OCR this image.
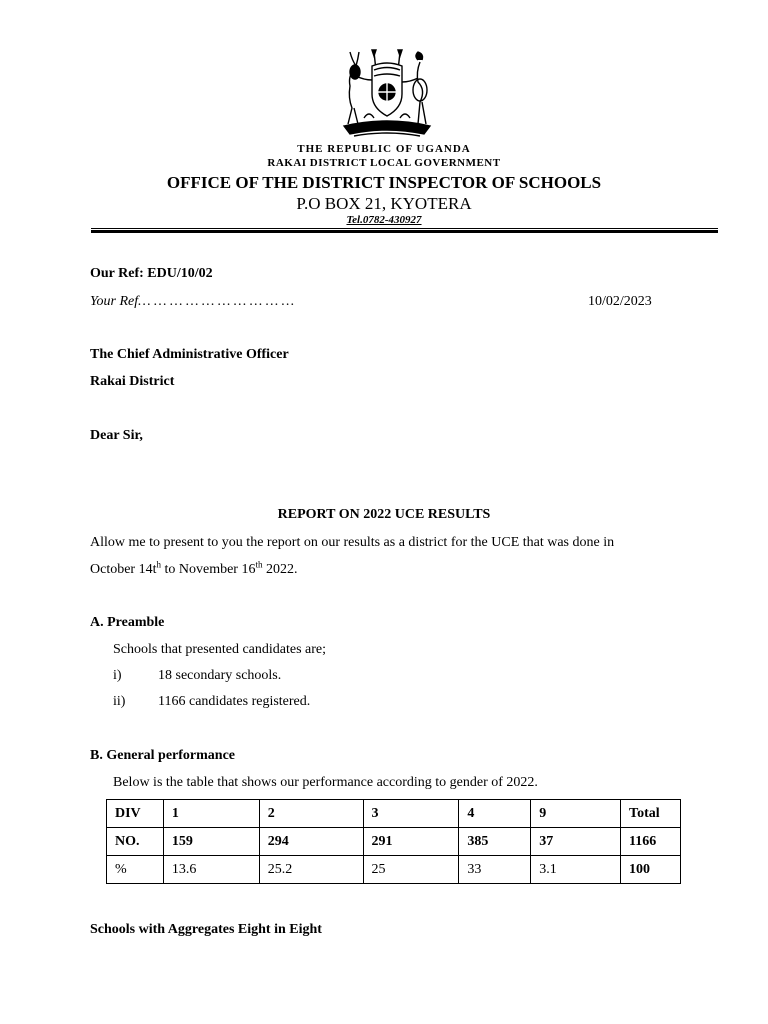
THE REPUBLIC OF UGANDA
RAKAI DISTRICT LOCAL GOVERNMENT
OFFICE OF THE DISTRICT INSPECTOR OF SCHOOLS
P.O BOX 21, KYOTERA
Tel.0782-430927
Our Ref: EDU/10/02
Your Ref… … … … … … … … … …	10/02/2023
The Chief Administrative Officer
Rakai District
Dear Sir,
REPORT ON 2022 UCE RESULTS
Allow me to present to you the report on our results as a district for the UCE that was done in
October $14t^h$ to November 16th 2022.
A. Preamble
Schools that presented candidates are;
i)	18 secondary schools.
ii) 1166 candidates registered.
B. General performance
Below is the table that shows our performance according to gender of 2022.
DIV	1	2	3	4	9	Total
NO.	159	294	291	385	37	1166
%	13.6	25.2	25	33	3.1	100
Schools with Aggregates Eight in Eight
